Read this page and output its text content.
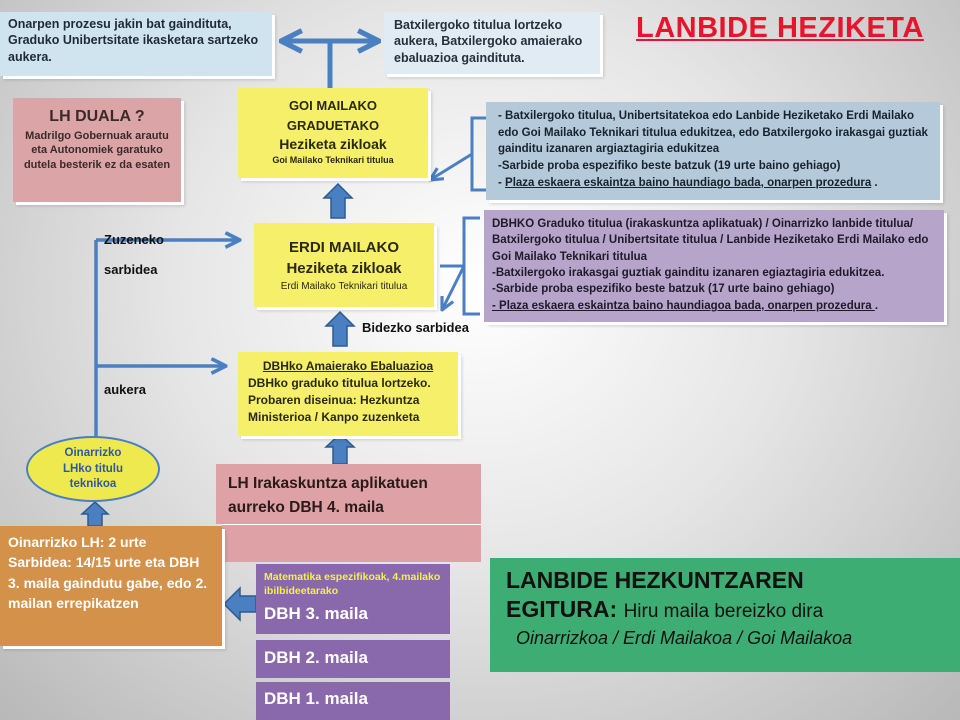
LANBIDE HEZIKETA
Onarpen prozesu jakin bat gainditutа, Graduko Unibertsitate ikasketara sartzeko aukera.
Batxilergoko titulua lortzeko aukera, Batxilergoko amaierako ebaluazioa gainditutа.
LH DUALA ?
Madrilgo Gobernuak arautu eta Autonomiek garatuko dutela besterik ez da esaten
GOI MAILAKO
GRADUETAKO
Heziketa zikloak
Goi Mailako Teknikari titulua
ERDI MAILAKO
Heziketa zikloak
Erdi Mailako Teknikari titulua
DBHko Amaierako Ebaluazioa
DBHko graduko titulua lortzeko. Probaren diseinua: Hezkuntza Ministerioa / Kanpo zuzenketa
- Batxilergoko titulua, Unibertsitatekoa edo Lanbide Heziketako Erdi Mailako edo Goi Mailako Teknikari titulua edukitzea, edo Batxilergoko irakasgai guztiak gainditu izanaren argiaztagiria edukitzea
-Sarbide proba espezifiko beste batzuk (19 urte baino gehiago)
- Plaza eskaera eskaintza baino haundiago bada, onarpen prozedura .
DBHKO Graduko titulua (irakaskuntza aplikatuak) / Oinarrizko lanbide titulua/ Batxilergoko titulua / Unibertsitate titulua / Lanbide Heziketako Erdi Mailako edo Goi Mailako Teknikari titulua
-Batxilergoko irakasgai guztiak gainditu izanaren egiaztagiria edukitzea.
-Sarbide proba espezifiko beste batzuk (17 urte baino gehiago)
- Plaza eskaera eskaintza baino haundiagoa bada, onarpen prozedura .
Zuzeneko
sarbidea
aukera
Bidezko sarbidea
Oinarrizko
LHko titulu
teknikoa	LH Irakaskuntza aplikatuen aurreko DBH 4. maila
Oinarrizko LH: 2 urte Sarbidea: 14/15 urte eta DBH 3. maila gaindutu gabe, edo 2. mailan errepikatzen
Matematika espezifikoak, 4.mailako ibilbideetarako
DBH 3. maila
DBH 2. maila
DBH 1. maila
LANBIDE HEZKUNTZAREN
EGITURA: Hiru maila bereizko dira
Oinarrizkoa / Erdi Mailakoa / Goi Mailakoa
